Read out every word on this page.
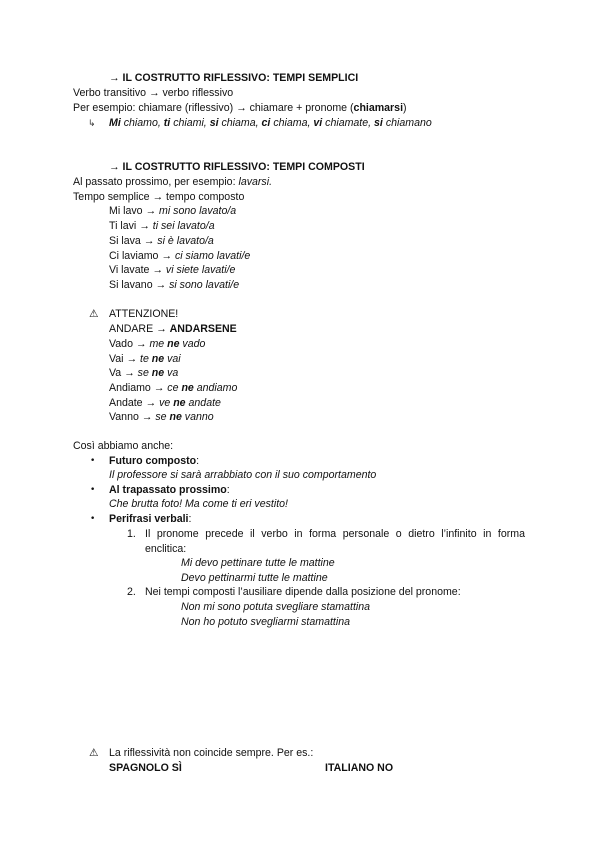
→ IL COSTRUTTO RIFLESSIVO: TEMPI SEMPLICI
Verbo transitivo → verbo riflessivo
Per esempio: chiamare (riflessivo) → chiamare + pronome (chiamarsi)
↳ Mi chiamo, ti chiami, si chiama, ci chiama, vi chiamate, si chiamano
→ IL COSTRUTTO RIFLESSIVO: TEMPI COMPOSTI
Al passato prossimo, per esempio: lavarsi.
Tempo semplice → tempo composto
Mi lavo → mi sono lavato/a
Ti lavi → ti sei lavato/a
Si lava → si è lavato/a
Ci laviamo → ci siamo lavati/e
Vi lavate → vi siete lavati/e
Si lavano → si sono lavati/e
⚠ ATTENZIONE!
ANDARE → ANDARSENE
Vado → me ne vado
Vai → te ne vai
Va → se ne va
Andiamo → ce ne andiamo
Andate → ve ne andate
Vanno → se ne vanno
Così abbiamo anche:
• Futuro composto:
Il professore si sarà arrabbiato con il suo comportamento
• Al trapassato prossimo:
Che brutta foto! Ma come ti eri vestito!
• Perifrasi verbali:
1. Il pronome precede il verbo in forma personale o dietro l’infinito in forma
enclitica:
Mi devo pettinare tutte le mattine
Devo pettinarmi tutte le mattine
2. Nei tempi composti l’ausiliare dipende dalla posizione del pronome:
Non mi sono potuta svegliare stamattina
Non ho potuto svegliarmi stamattina
⚠ La riflessività non coincide sempre. Per es.:
SPAGNOLO SÌ	ITALIANO NO
